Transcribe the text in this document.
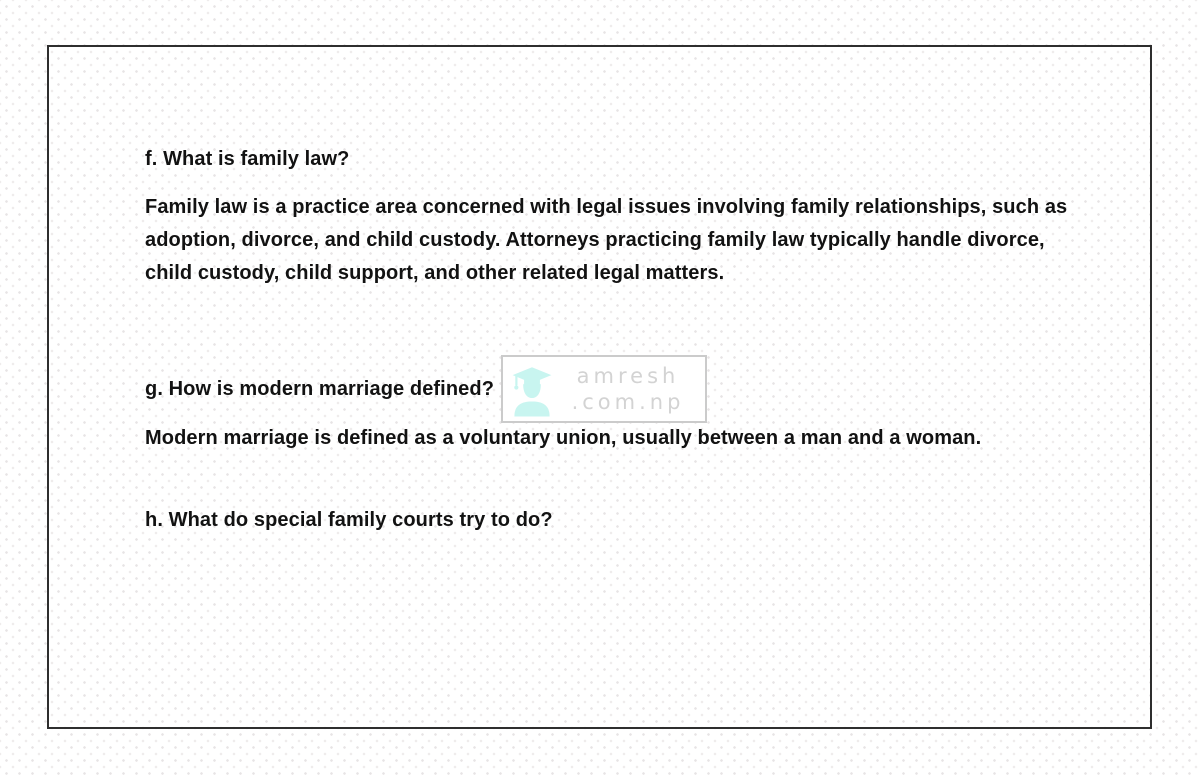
f. What is family law?
Family law is a practice area concerned with legal issues involving family relationships, such as
adoption, divorce, and child custody. Attorneys practicing family law typically handle divorce,
child custody, child support, and other related legal matters.
g. How is modern marriage defined?
Modern marriage is defined as a voluntary union, usually between a man and a woman.
h. What do special family courts try to do?
amresh
.com.np
